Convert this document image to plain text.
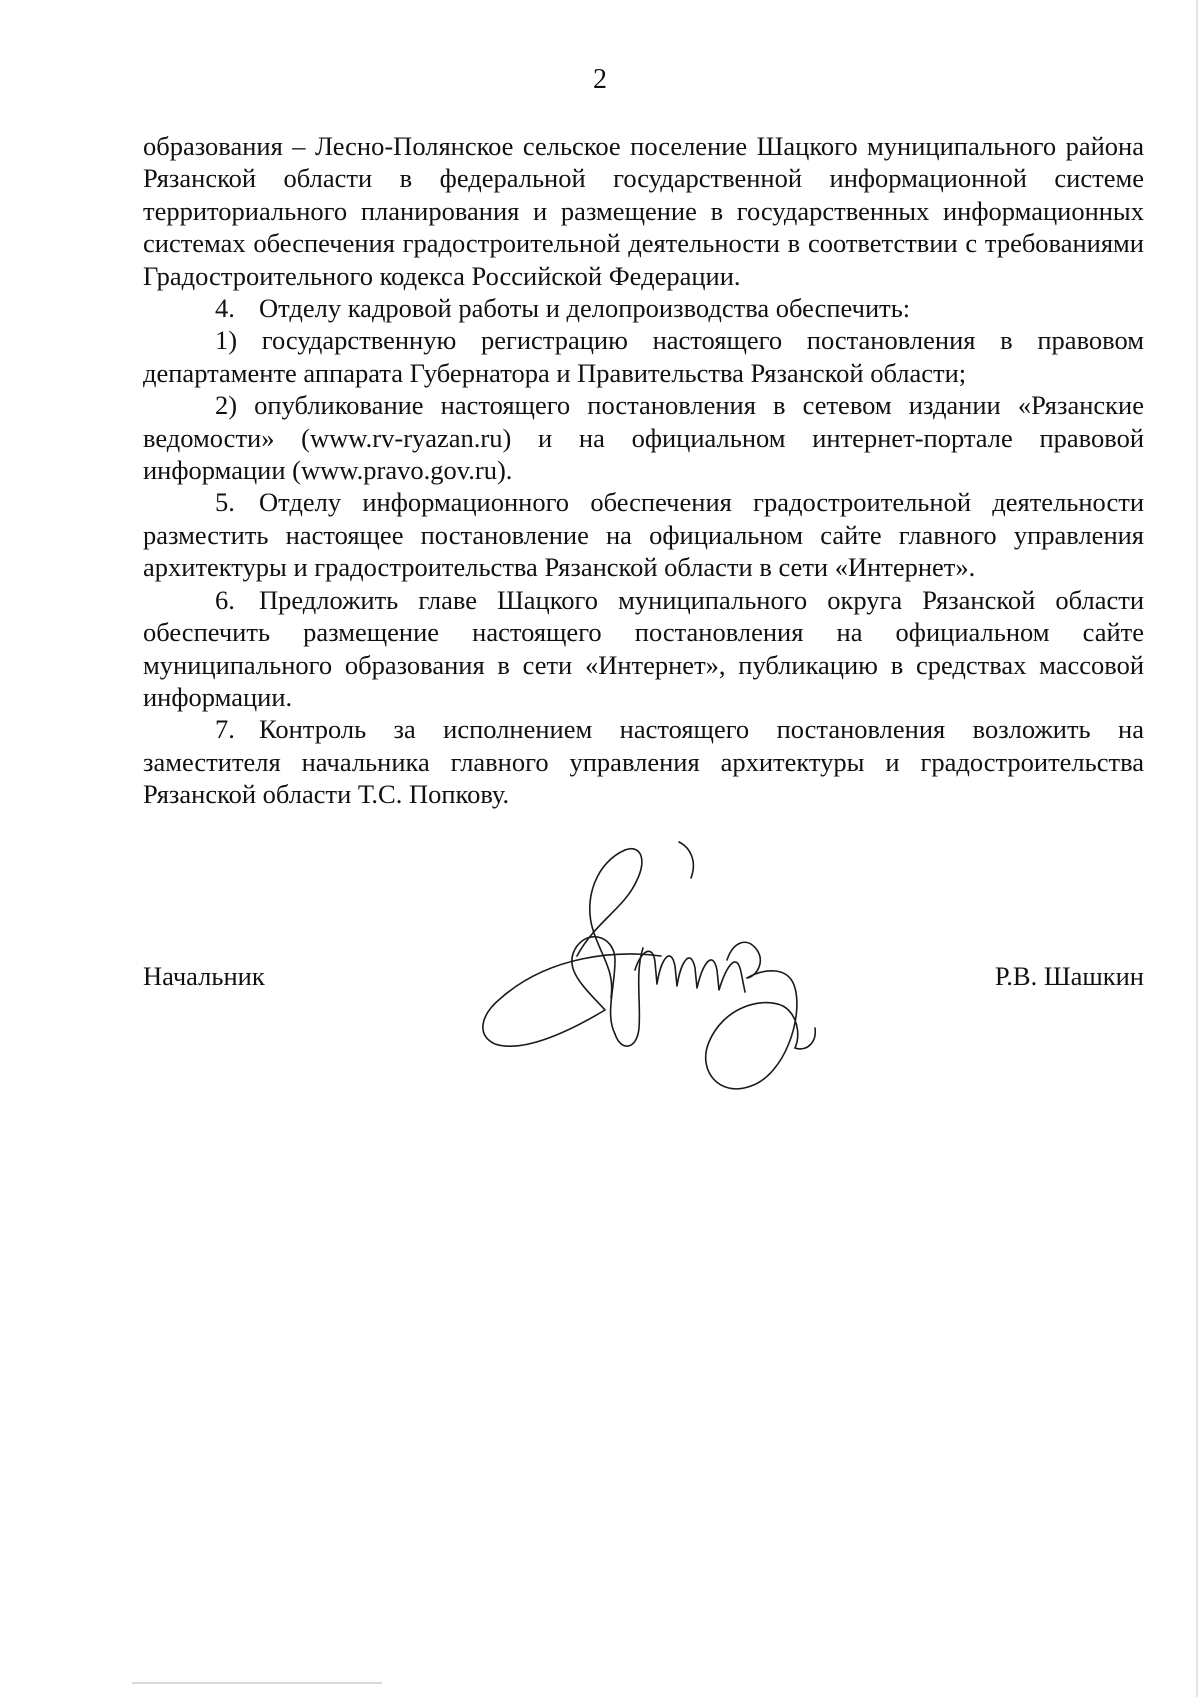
2

образования – Лесно-Полянское сельское поселение Шацкого муниципального района Рязанской области в федеральной государственной информационной системе территориального планирования и размещение в государственных информационных системах обеспечения градостроительной деятельности в соответствии с требованиями Градостроительного кодекса Российской Федерации.

4. Отделу кадровой работы и делопроизводства обеспечить:

1) государственную регистрацию настоящего постановления в правовом департаменте аппарата Губернатора и Правительства Рязанской области;

2) опубликование настоящего постановления в сетевом издании «Рязанские ведомости» (www.rv-ryazan.ru) и на официальном интернет-портале правовой информации (www.pravo.gov.ru).

5. Отделу информационного обеспечения градостроительной деятельности разместить настоящее постановление на официальном сайте главного управления архитектуры и градостроительства Рязанской области в сети «Интернет».

6. Предложить главе Шацкого муниципального округа Рязанской области обеспечить размещение настоящего постановления на официальном сайте муниципального образования в сети «Интернет», публикацию в средствах массовой информации.

7. Контроль за исполнением настоящего постановления возложить на заместителя начальника главного управления архитектуры и градостроительства Рязанской области Т.С. Попкову.

Начальник	Р.В. Шашкин
